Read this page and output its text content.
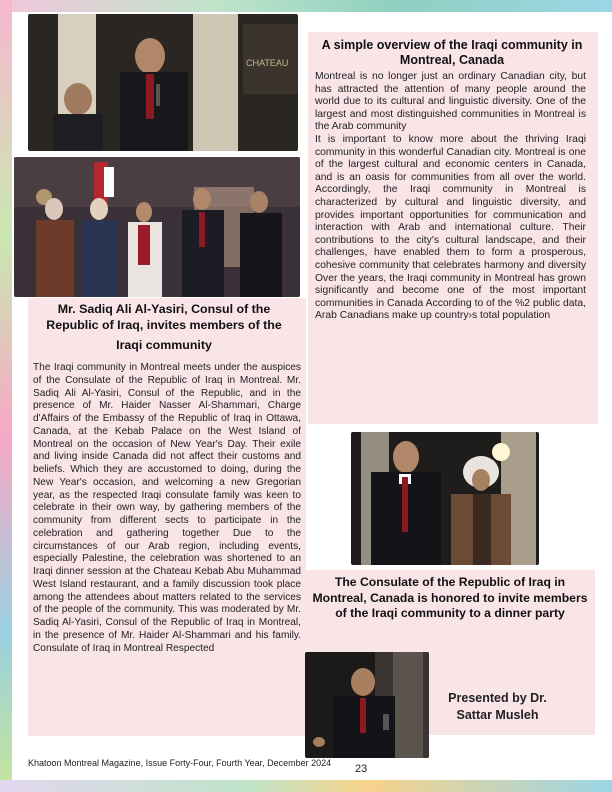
CHATEAU
A simple overview of the Iraqi community in Montreal, Canada

Montreal is no longer just an ordinary Canadian city, but has attracted the attention of many people around the world due to its cultural and linguistic diversity. One of the largest and most distinguished communities in Montreal is the Arab community
It is important to know more about the thriving Iraqi community in this wonderful Canadian city. Montreal is one of the largest cultural and economic centers in Canada, and is an oasis for communities from all over the world. Accordingly, the Iraqi community in Montreal is characterized by cultural and linguistic diversity, and provides important opportunities for communication and interaction with Arab and international culture. Their contributions to the city's cultural landscape, and their challenges, have enabled them to form a prosperous, cohesive community that celebrates harmony and diversity Over the years, the Iraqi community in Montreal has grown significantly and become one of the most important communities in Canada According to of the %2 public data, Arab Canadians make up country›s total population

Mr. Sadiq Ali Al-Yasiri, Consul of the
Republic of Iraq, invites members of the
Iraqi community

The Iraqi community in Montreal meets under the auspices of the Consulate of the Republic of Iraq in Montreal. Mr. Sadiq Ali Al-Yasiri, Consul of the Republic, and in the presence of Mr. Haider Nasser Al-Shammari, Charge d'Affairs of the Embassy of the Republic of Iraq in Ottawa, Canada, at the Kebab Palace on the West Island of Montreal on the occasion of New Year's Day. Their exile and living inside Canada did not affect their customs and beliefs. Which they are accustomed to doing, during the New Year's occasion, and welcoming a new Gregorian year, as the respected Iraqi consulate family was keen to celebrate in their own way, by gathering members of the community from different sects to participate in the celebration and gathering together Due to the circumstances of our Arab region, including events, especially Palestine, the celebration was shortened to an Iraqi dinner session at the Chateau Kebab Abu Muhammad West Island restaurant, and a family discussion took place among the attendees about matters related to the services of the people of the community. This was moderated by Mr. Sadiq Al-Yasiri, Consul of the Republic of Iraq in Montreal, in the presence of Mr. Haider Al-Shammari and his family. Consulate of Iraq in Montreal Respected

The Consulate of the Republic of Iraq in Montreal, Canada is honored to invite members of the Iraqi community to a dinner party

Presented by Dr. Sattar Musleh

Khatoon Montreal Magazine, Issue Forty-Four, Fourth Year, December 2024 23
